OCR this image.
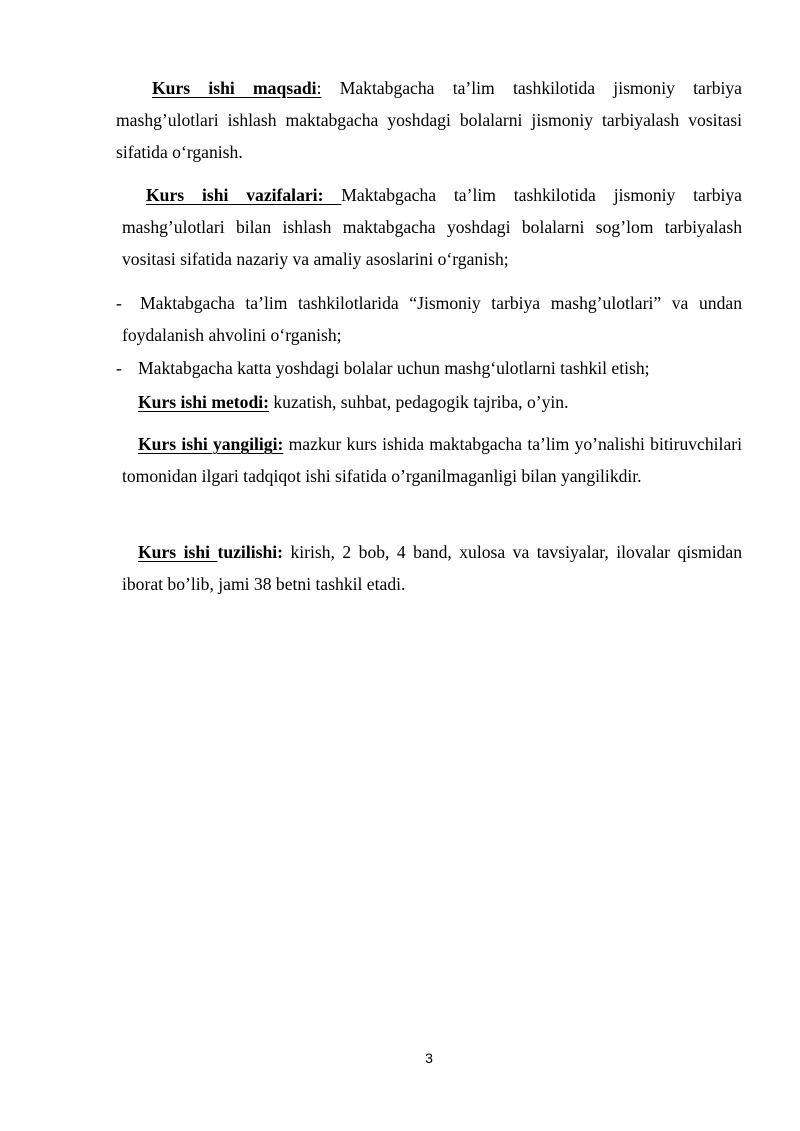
Kurs ishi maqsadi: Maktabgacha ta’lim tashkilotida jismoniy tarbiya mashg’ulotlari ishlash maktabgacha yoshdagi bolalarni jismoniy tarbiyalash vositasi sifatida o‘rganish.

Kurs ishi vazifalari: Maktabgacha ta’lim tashkilotida jismoniy tarbiya mashg’ulotlari bilan ishlash maktabgacha yoshdagi bolalarni sog’lom tarbiyalash vositasi sifatida nazariy va amaliy asoslarini o‘rganish;

- Maktabgacha ta’lim tashkilotlarida “Jismoniy tarbiya mashg’ulotlari” va undan foydalanish ahvolini o‘rganish;

- Maktabgacha katta yoshdagi bolalar uchun mashg‘ulotlarni tashkil etish;

Kurs ishi metodi: kuzatish, suhbat, pedagogik tajriba, o’yin.

Kurs ishi yangiligi: mazkur kurs ishida maktabgacha ta’lim yo’nalishi bitiruvchilari tomonidan ilgari tadqiqot ishi sifatida o’rganilmaganligi bilan yangilikdir.

Kurs ishi tuzilishi: kirish, 2 bob, 4 band, xulosa va tavsiyalar, ilovalar qismidan iborat bo’lib, jami 38 betni tashkil etadi.

3
